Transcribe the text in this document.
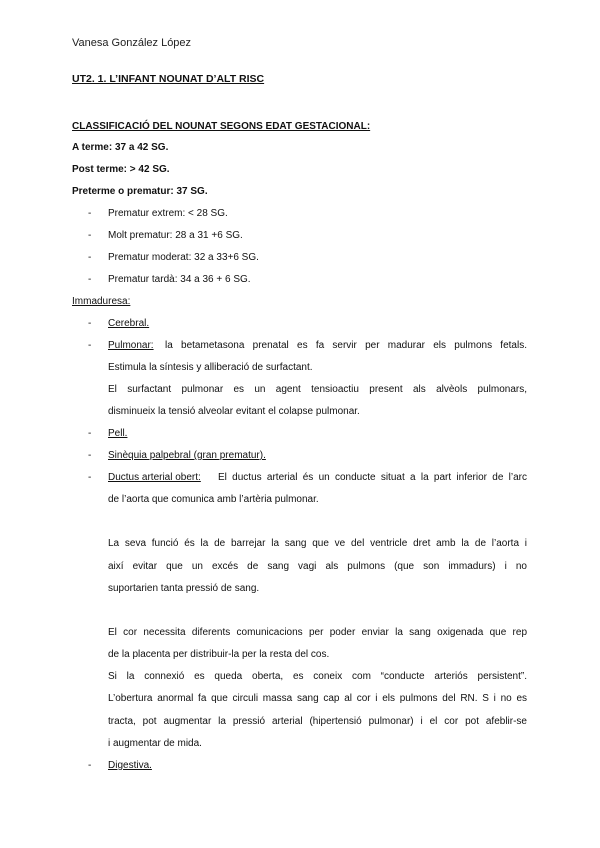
Vanesa González López
UT2. 1. L’INFANT NOUNAT D’ALT RISC
CLASSIFICACIÓ DEL NOUNAT SEGONS EDAT GESTACIONAL:
A terme: 37 a 42 SG.
Post terme: > 42 SG.
Preterme o prematur: 37 SG.
- Prematur extrem: < 28 SG.
- Molt prematur: 28 a 31 +6 SG.
- Prematur moderat: 32 a 33+6 SG.
- Prematur tardà: 34 a 36 + 6 SG.
Immaduresa:
- Cerebral.
- Pulmonar: la betametasona prenatal es fa servir per madurar els pulmons fetals.
Estimula la síntesis y alliberació de surfactant.
El surfactant pulmonar es un agent tensioactiu present als alvèols pulmonars,
disminueix la tensió alveolar evitant el colapse pulmonar.
- Pell.
- Sinèquia palpebral (gran prematur).
- Ductus arterial obert: El ductus arterial és un conducte situat a la part inferior de l’arc
de l’aorta que comunica amb l’artèria pulmonar.
La seva funció és la de barrejar la sang que ve del ventricle dret amb la de l’aorta i
així evitar que un excés de sang vagi als pulmons (que son immadurs) i no
suportarien tanta pressió de sang.
El cor necessita diferents comunicacions per poder enviar la sang oxigenada que rep
de la placenta per distribuir-la per la resta del cos.
Si la connexió es queda oberta, es coneix com “conducte arteriós persistent”.
L’obertura anormal fa que circuli massa sang cap al cor i els pulmons del RN. S i no es
tracta, pot augmentar la pressió arterial (hipertensió pulmonar) i el cor pot afeblir-se
i augmentar de mida.
- Digestiva.
